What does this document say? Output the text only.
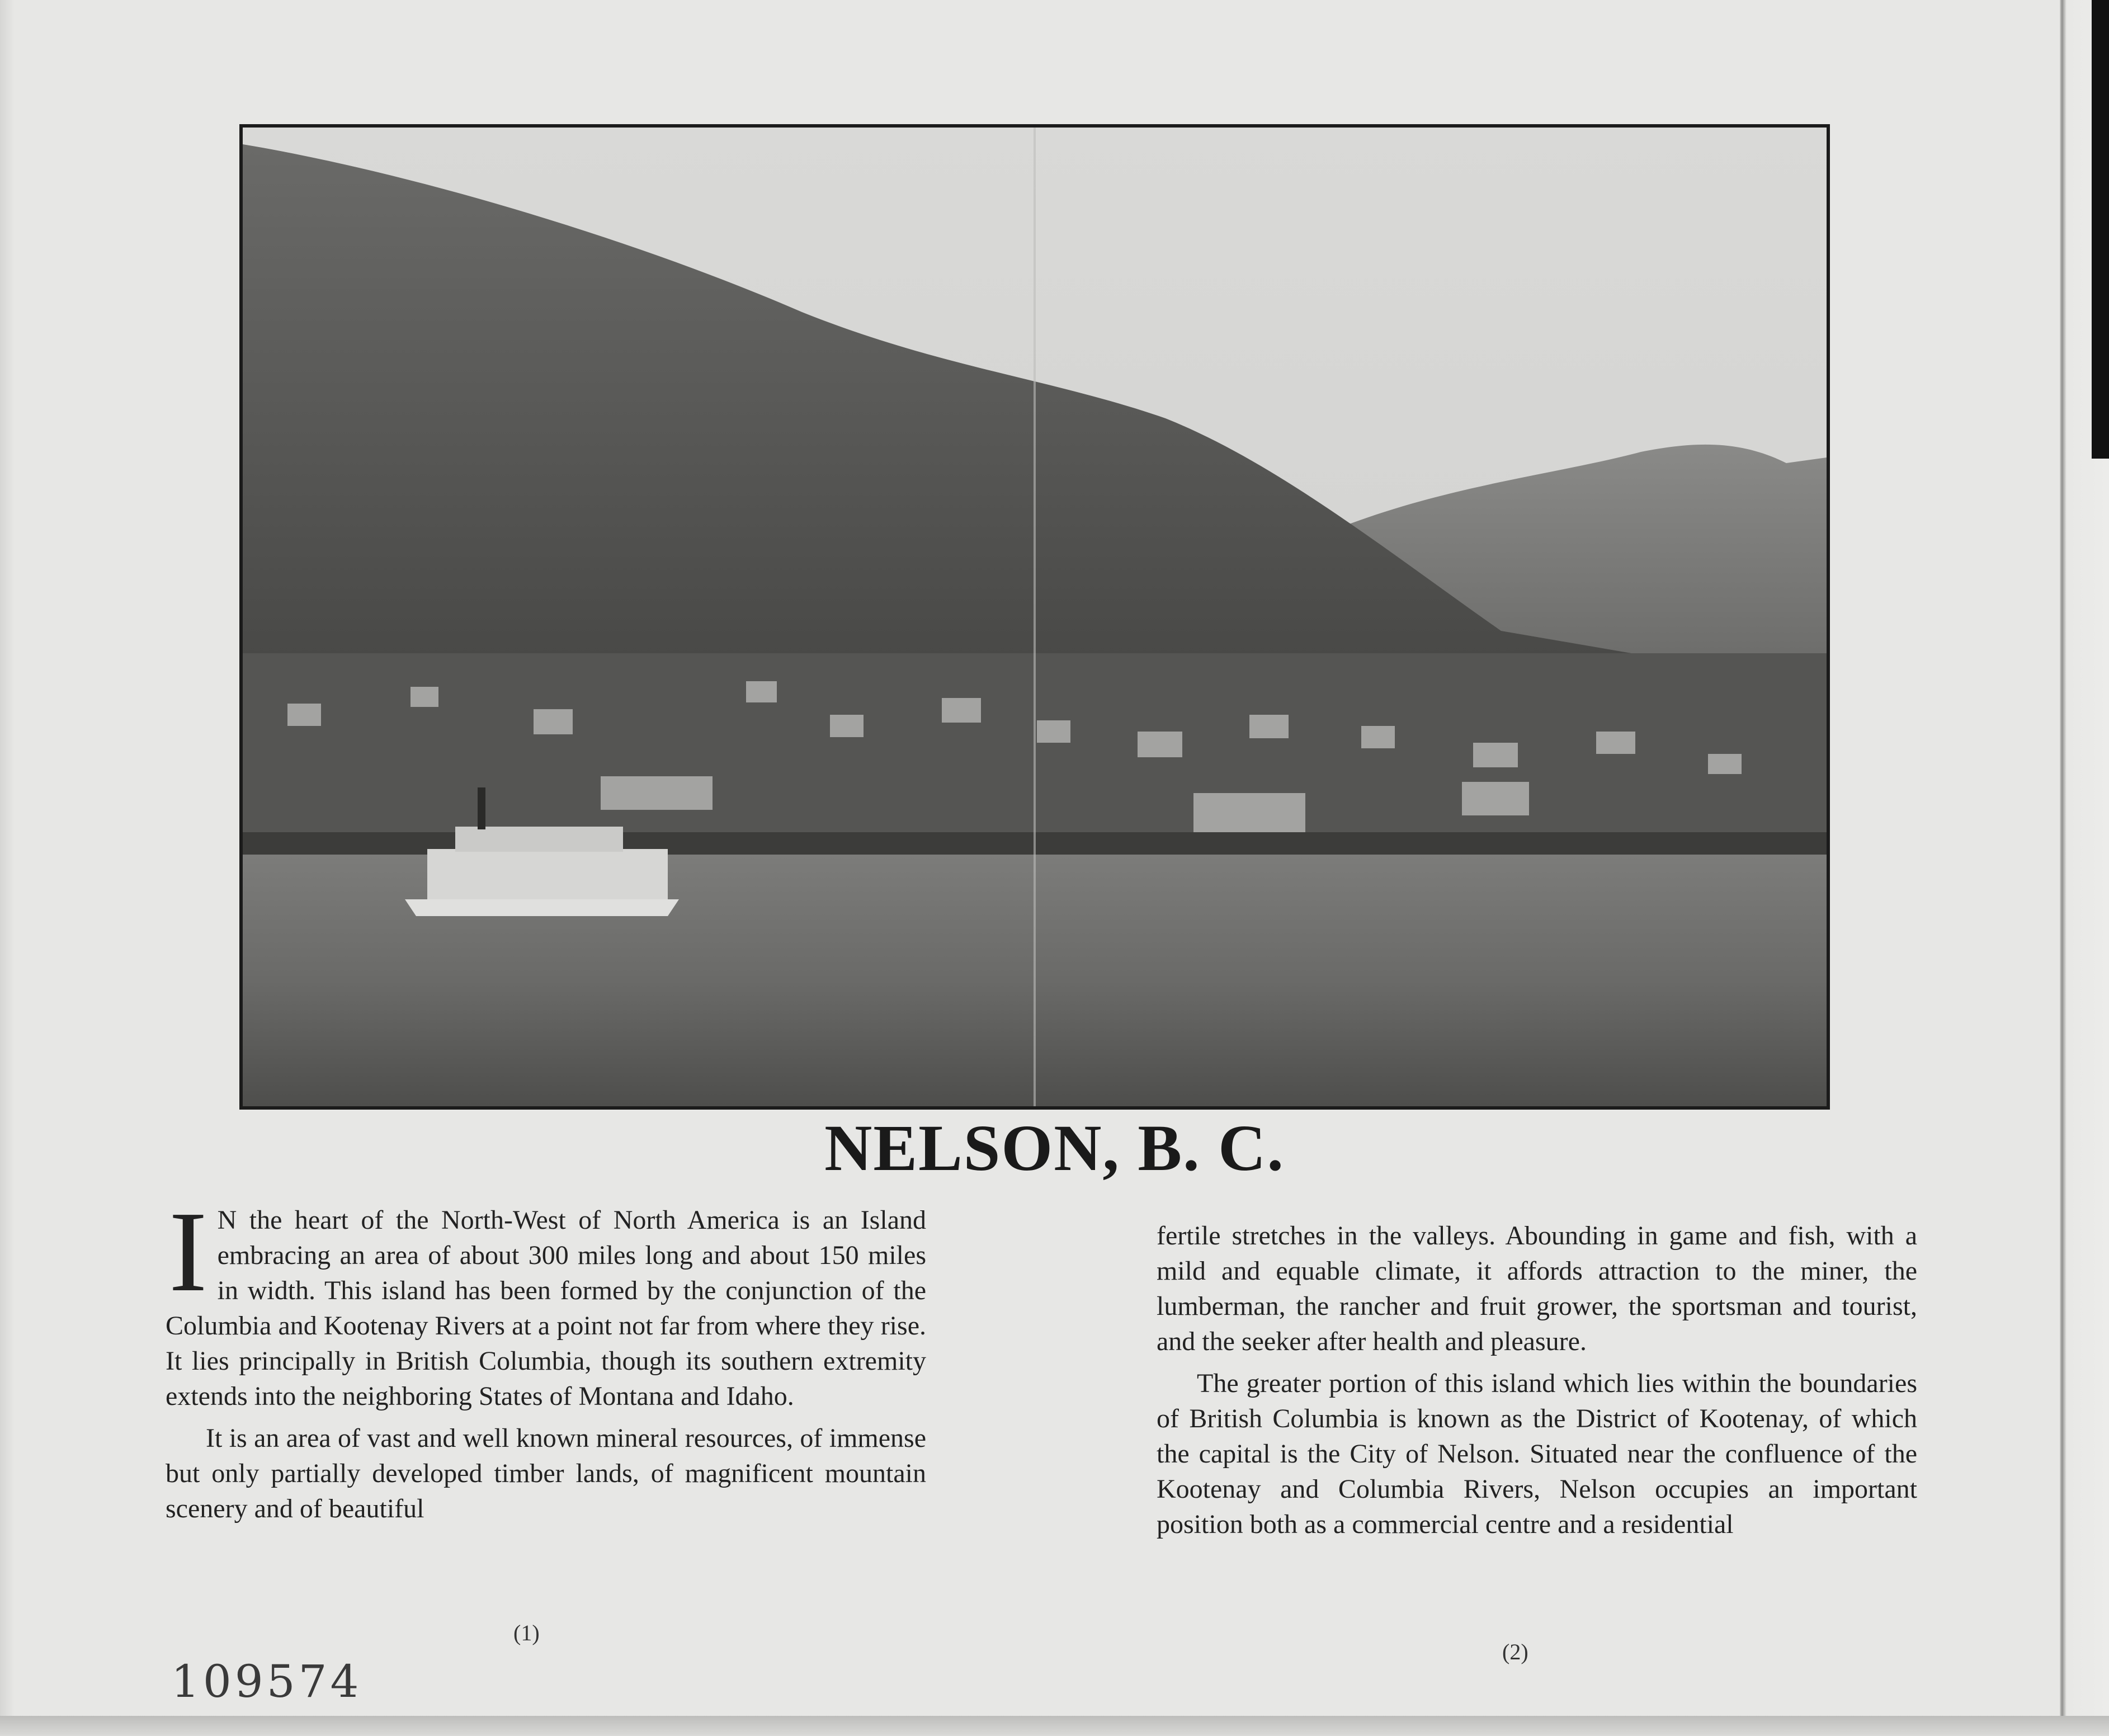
NELSON, B. C.

I N the heart of the North-West of North America is an Island embracing an area of about 300 miles long and about 150 miles in width. This island has been formed by the conjunction of the Columbia and Kootenay Rivers at a point not far from where they rise. It lies principally in British Columbia, though its southern extremity extends into the neighboring States of Montana and Idaho.

It is an area of vast and well known mineral resources, of immense but only partially developed timber lands, of magnificent mountain scenery and of beautiful

fertile stretches in the valleys. Abounding in game and fish, with a mild and equable climate, it affords attraction to the miner, the lumberman, the rancher and fruit grower, the sportsman and tourist, and the seeker after health and pleasure.

The greater portion of this island which lies within the boundaries of British Columbia is known as the District of Kootenay, of which the capital is the City of Nelson. Situated near the confluence of the Kootenay and Columbia Rivers, Nelson occupies an important position both as a commercial centre and a residential

(1)
(2)
109574
